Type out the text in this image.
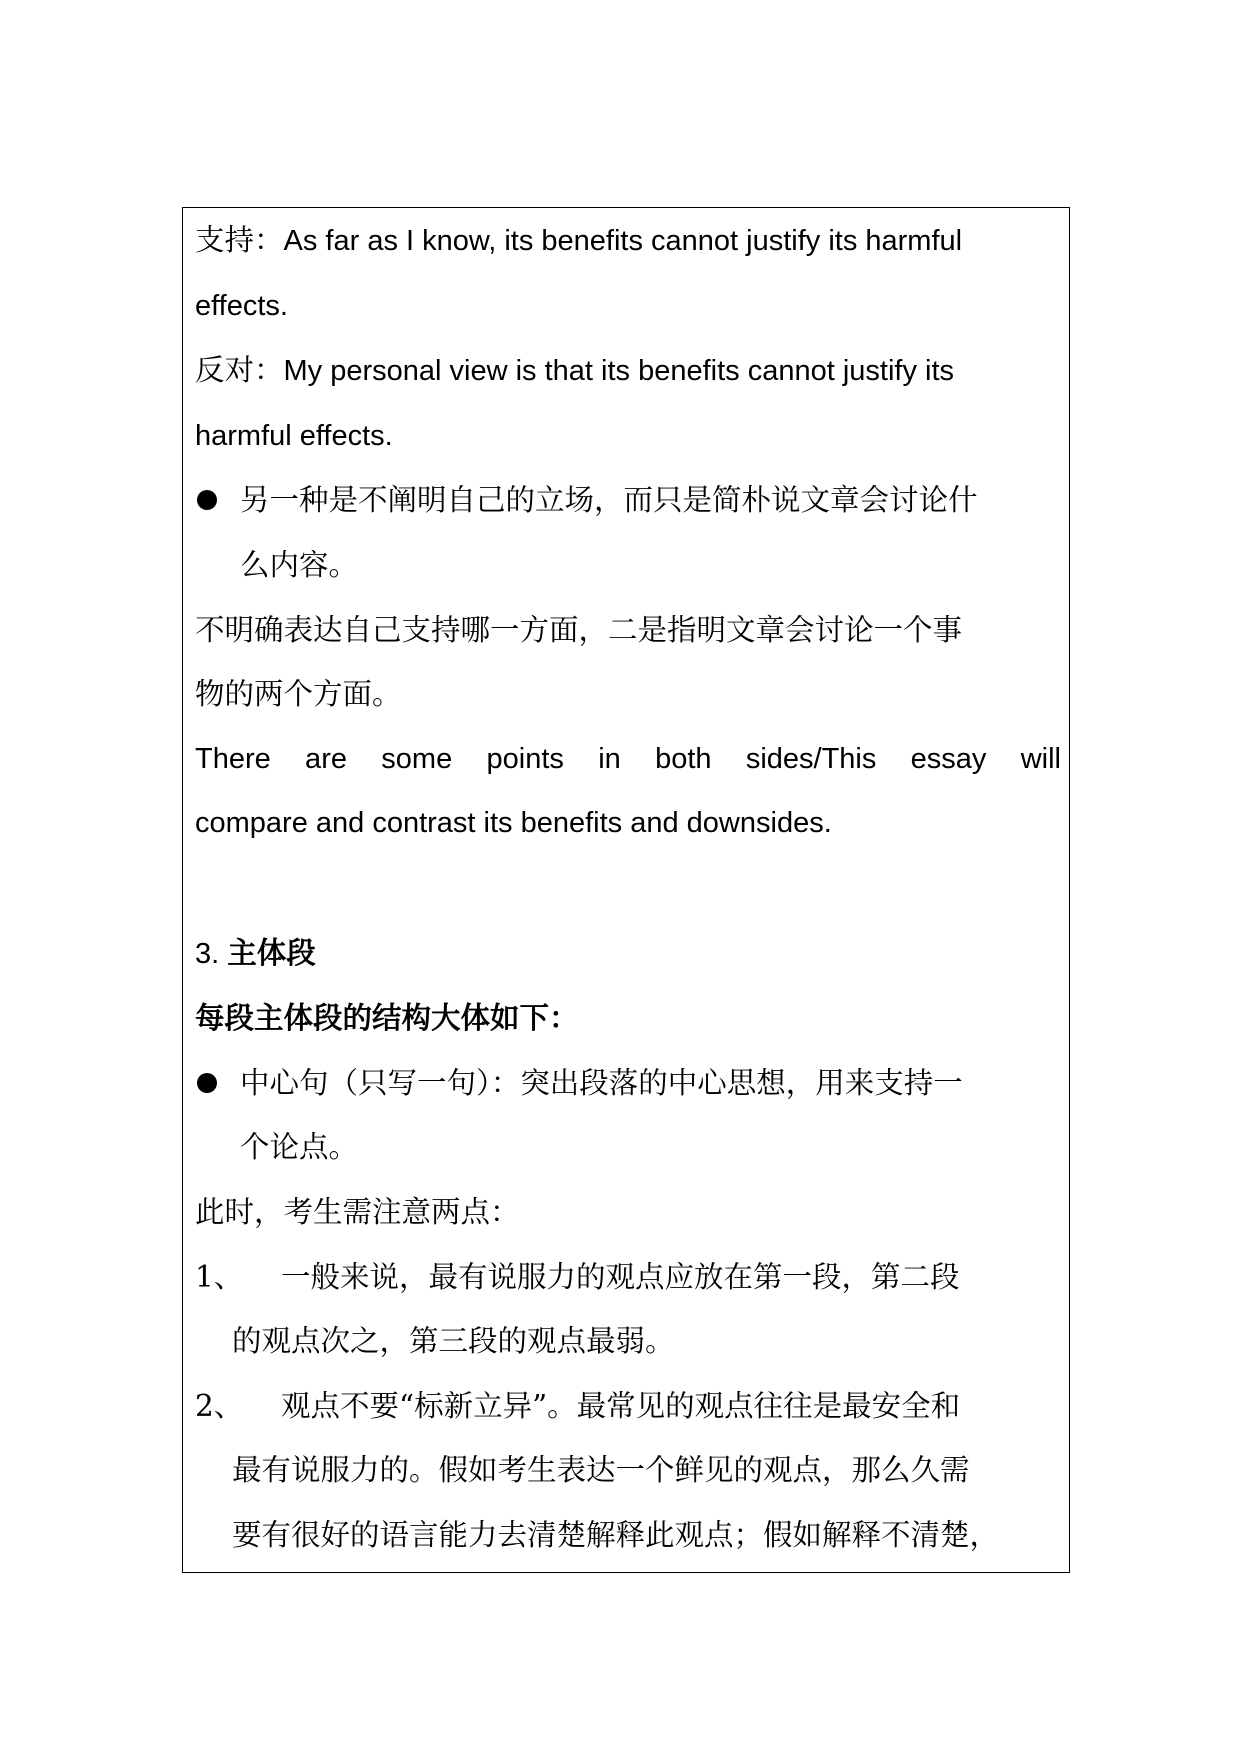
支持：As far as I know, its benefits cannot justify its harmful

effects.

反对：My personal view is that its benefits cannot justify its

harmful effects.

另一种是不阐明自己的立场，而只是简朴说文章会讨论什

么内容。

不明确表达自己支持哪一方面，二是指明文章会讨论一个事

物的两个方面。

There are some points in both sides/This essay will

compare and contrast its benefits and downsides.

3. 主体段

每段主体段的结构大体如下：

中心句（只写一句）：突出段落的中心思想，用来支持一

个论点。

此时，考生需注意两点：

1、	一般来说，最有说服力的观点应放在第一段，第二段

的观点次之，第三段的观点最弱。

2、	观点不要“标新立异”。最常见的观点往往是最安全和

最有说服力的。假如考生表达一个鲜见的观点，那么久需

要有很好的语言能力去清楚解释此观点；假如解释不清楚，
